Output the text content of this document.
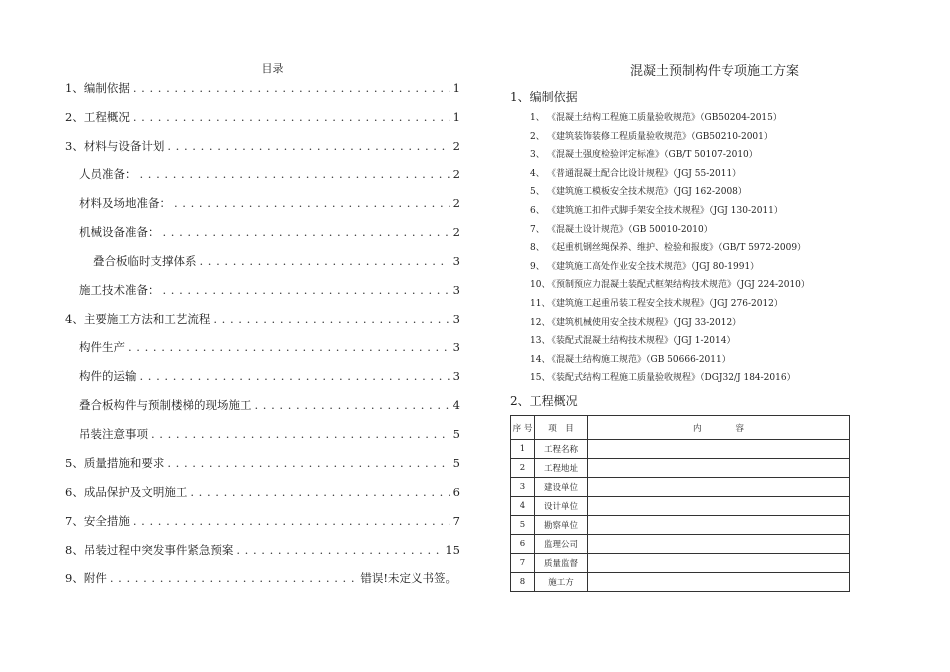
目录
1、编制依据 . . .	1
2、工程概况 . . .	1
3、材料与设备计划 . . .	2
人员准备： . . .	2
材料及场地准备： . . .	2
机械设备准备： . . .	2
叠合板临时支撑体系 . . .	3
施工技术准备： . . .	3
4、主要施工方法和工艺流程 . . .	3
构件生产 . . .	3
构件的运输 . . .	3
叠合板构件与预制楼梯的现场施工 . . .	4
吊装注意事项 . . .	5
5、质量措施和要求 . . .	5
6、成品保护及文明施工 . . .	6
7、安全措施 . . .	7
8、吊装过程中突发事件紧急预案 . . .	15
9、附件 . . .	错误!未定义书签。
混凝土预制构件专项施工方案
1、编制依据
1、 《混凝土结构工程施工质量验收规范》（GB50204-2015）
2、 《建筑装饰装修工程质量验收规范》（GB50210-2001）
3、 《混凝土强度检验评定标准》（GB/T 50107-2010）
4、 《普通混凝土配合比设计规程》（JGJ 55-2011）
5、 《建筑施工模板安全技术规范》（JGJ 162-2008）
6、 《建筑施工扣件式脚手架安全技术规程》（JGJ 130-2011）
7、 《混凝土设计规范》（GB 50010-2010）
8、 《起重机钢丝绳保养、维护、检验和报废》（GB/T 5972-2009）
9、 《建筑施工高处作业安全技术规范》（JGJ 80-1991）
10、《预制预应力混凝土装配式框架结构技术规范》（JGJ 224-2010）
11、《建筑施工起重吊装工程安全技术规程》（JGJ 276-2012）
12、《建筑机械使用安全技术规程》（JGJ 33-2012）
13、《装配式混凝土结构技术规程》（JGJ 1-2014）
14、《混凝土结构施工规范》（GB 50666-2011）
15、《装配式结构工程施工质量验收规程》（DGJ32/J 184-2016）
2、工程概况
序 号	项　目	内　　　　容
1	工程名称	
2	工程地址	
3	建设单位	
4	设计单位	
5	勘察单位	
6	监理公司	
7	质量监督	
8	施工方	
